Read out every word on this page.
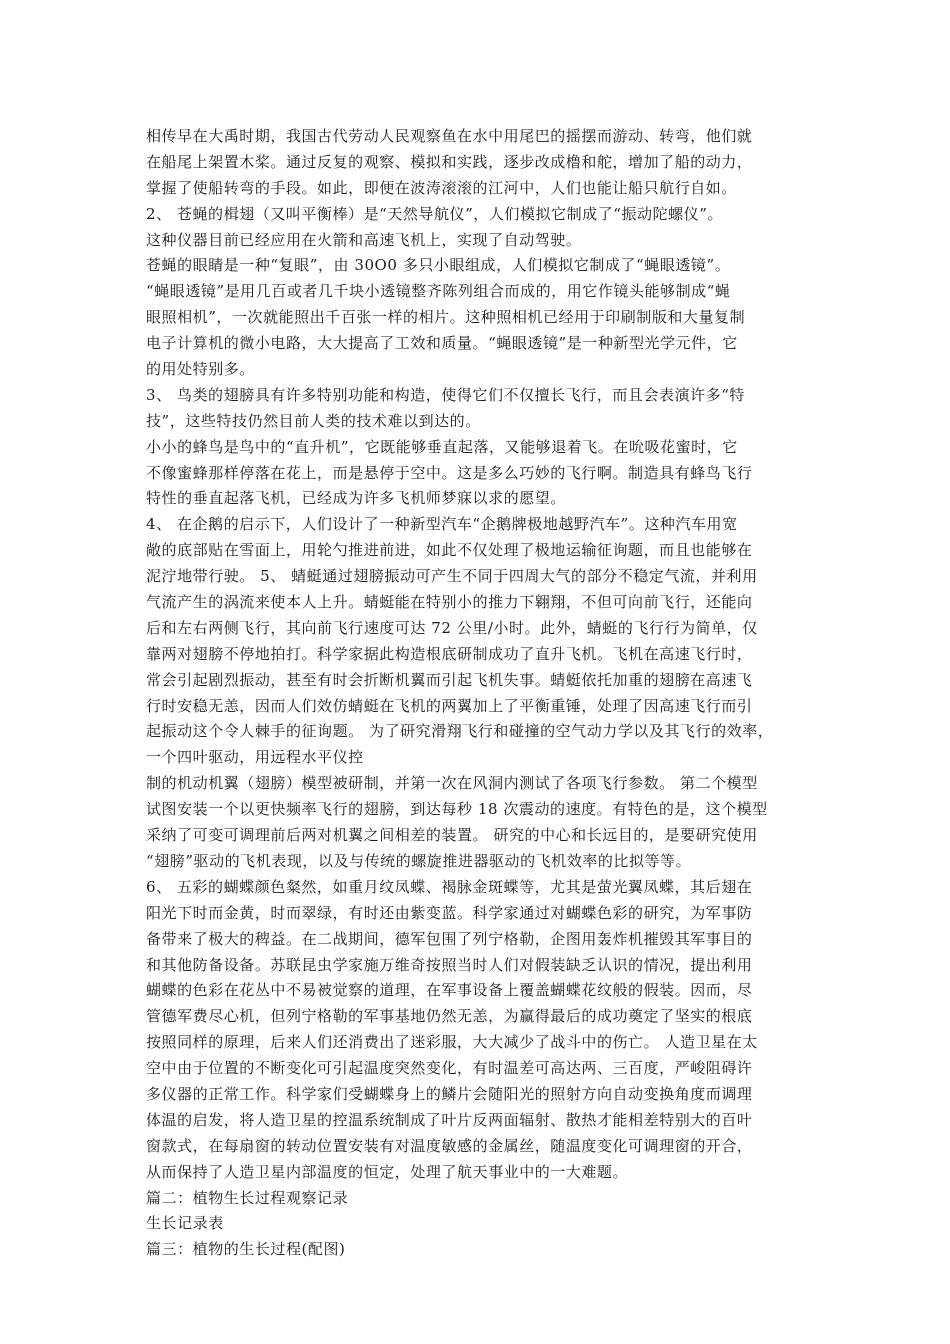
相传早在大禹时期，我国古代劳动人民观察鱼在水中用尾巴的摇摆而游动、转弯，他们就
在船尾上架置木桨。通过反复的观察、模拟和实践，逐步改成橹和舵，增加了船的动力，
掌握了使船转弯的手段。如此，即便在波涛滚滚的江河中，人们也能让船只航行自如。
2、 苍蝇的楫翅（又叫平衡棒）是“天然导航仪”，人们模拟它制成了“振动陀螺仪”。
这种仪器目前已经应用在火箭和高速飞机上，实现了自动驾驶。
苍蝇的眼睛是一种“复眼”，由 30O0 多只小眼组成，人们模拟它制成了“蝇眼透镜”。
“蝇眼透镜”是用几百或者几千块小透镜整齐陈列组合而成的，用它作镜头能够制成“蝇
眼照相机”，一次就能照出千百张一样的相片。这种照相机已经用于印刷制版和大量复制
电子计算机的微小电路，大大提高了工效和质量。“蝇眼透镜”是一种新型光学元件，它
的用处特别多。
3、 鸟类的翅膀具有许多特别功能和构造，使得它们不仅擅长飞行，而且会表演许多“特
技”，这些特技仍然目前人类的技术难以到达的。
小小的蜂鸟是鸟中的“直升机”，它既能够垂直起落，又能够退着飞。在吮吸花蜜时，它
不像蜜蜂那样停落在花上，而是悬停于空中。这是多么巧妙的飞行啊。制造具有蜂鸟飞行
特性的垂直起落飞机，已经成为许多飞机师梦寐以求的愿望。
4、 在企鹅的启示下，人们设计了一种新型汽车“企鹅牌极地越野汽车”。这种汽车用宽
敞的底部贴在雪面上，用轮勺推进前进，如此不仅处理了极地运输征询题，而且也能够在
泥泞地带行驶。 5、 蜻蜓通过翅膀振动可产生不同于四周大气的部分不稳定气流，并利用
气流产生的涡流来使本人上升。蜻蜓能在特别小的推力下翱翔，不但可向前飞行，还能向
后和左右两侧飞行，其向前飞行速度可达 72 公里/小时。此外，蜻蜓的飞行行为简单，仅
靠两对翅膀不停地拍打。科学家据此构造根底研制成功了直升飞机。飞机在高速飞行时，
常会引起剧烈振动，甚至有时会折断机翼而引起飞机失事。蜻蜓依托加重的翅膀在高速飞
行时安稳无恙，因而人们效仿蜻蜓在飞机的两翼加上了平衡重锤，处理了因高速飞行而引
起振动这个令人棘手的征询题。 为了研究滑翔飞行和碰撞的空气动力学以及其飞行的效率，
一个四叶驱动，用远程水平仪控
制的机动机翼（翅膀）模型被研制，并第一次在风洞内测试了各项飞行参数。 第二个模型
试图安装一个以更快频率飞行的翅膀，到达每秒 18 次震动的速度。有特色的是，这个模型
采纳了可变可调理前后两对机翼之间相差的装置。 研究的中心和长远目的，是要研究使用
“翅膀”驱动的飞机表现，以及与传统的螺旋推进器驱动的飞机效率的比拟等等。
6、 五彩的蝴蝶颜色粲然，如重月纹凤蝶、褐脉金斑蝶等，尤其是萤光翼凤蝶，其后翅在
阳光下时而金黄，时而翠绿，有时还由紫变蓝。科学家通过对蝴蝶色彩的研究，为军事防
备带来了极大的稗益。在二战期间，德军包围了列宁格勒，企图用轰炸机摧毁其军事目的
和其他防备设备。苏联昆虫学家施万维奇按照当时人们对假装缺乏认识的情况，提出利用
蝴蝶的色彩在花丛中不易被觉察的道理，在军事设备上覆盖蝴蝶花纹般的假装。因而，尽
管德军费尽心机，但列宁格勒的军事基地仍然无恙，为赢得最后的成功奠定了坚实的根底
按照同样的原理，后来人们还消费出了迷彩服，大大减少了战斗中的伤亡。 人造卫星在太
空中由于位置的不断变化可引起温度突然变化，有时温差可高达两、三百度，严峻阻碍许
多仪器的正常工作。科学家们受蝴蝶身上的鳞片会随阳光的照射方向自动变换角度而调理
体温的启发，将人造卫星的控温系统制成了叶片反两面辐射、散热才能相差特别大的百叶
窗款式，在每扇窗的转动位置安装有对温度敏感的金属丝，随温度变化可调理窗的开合，
从而保持了人造卫星内部温度的恒定，处理了航天事业中的一大难题。
篇二：植物生长过程观察记录
生长记录表
篇三：植物的生长过程(配图)
